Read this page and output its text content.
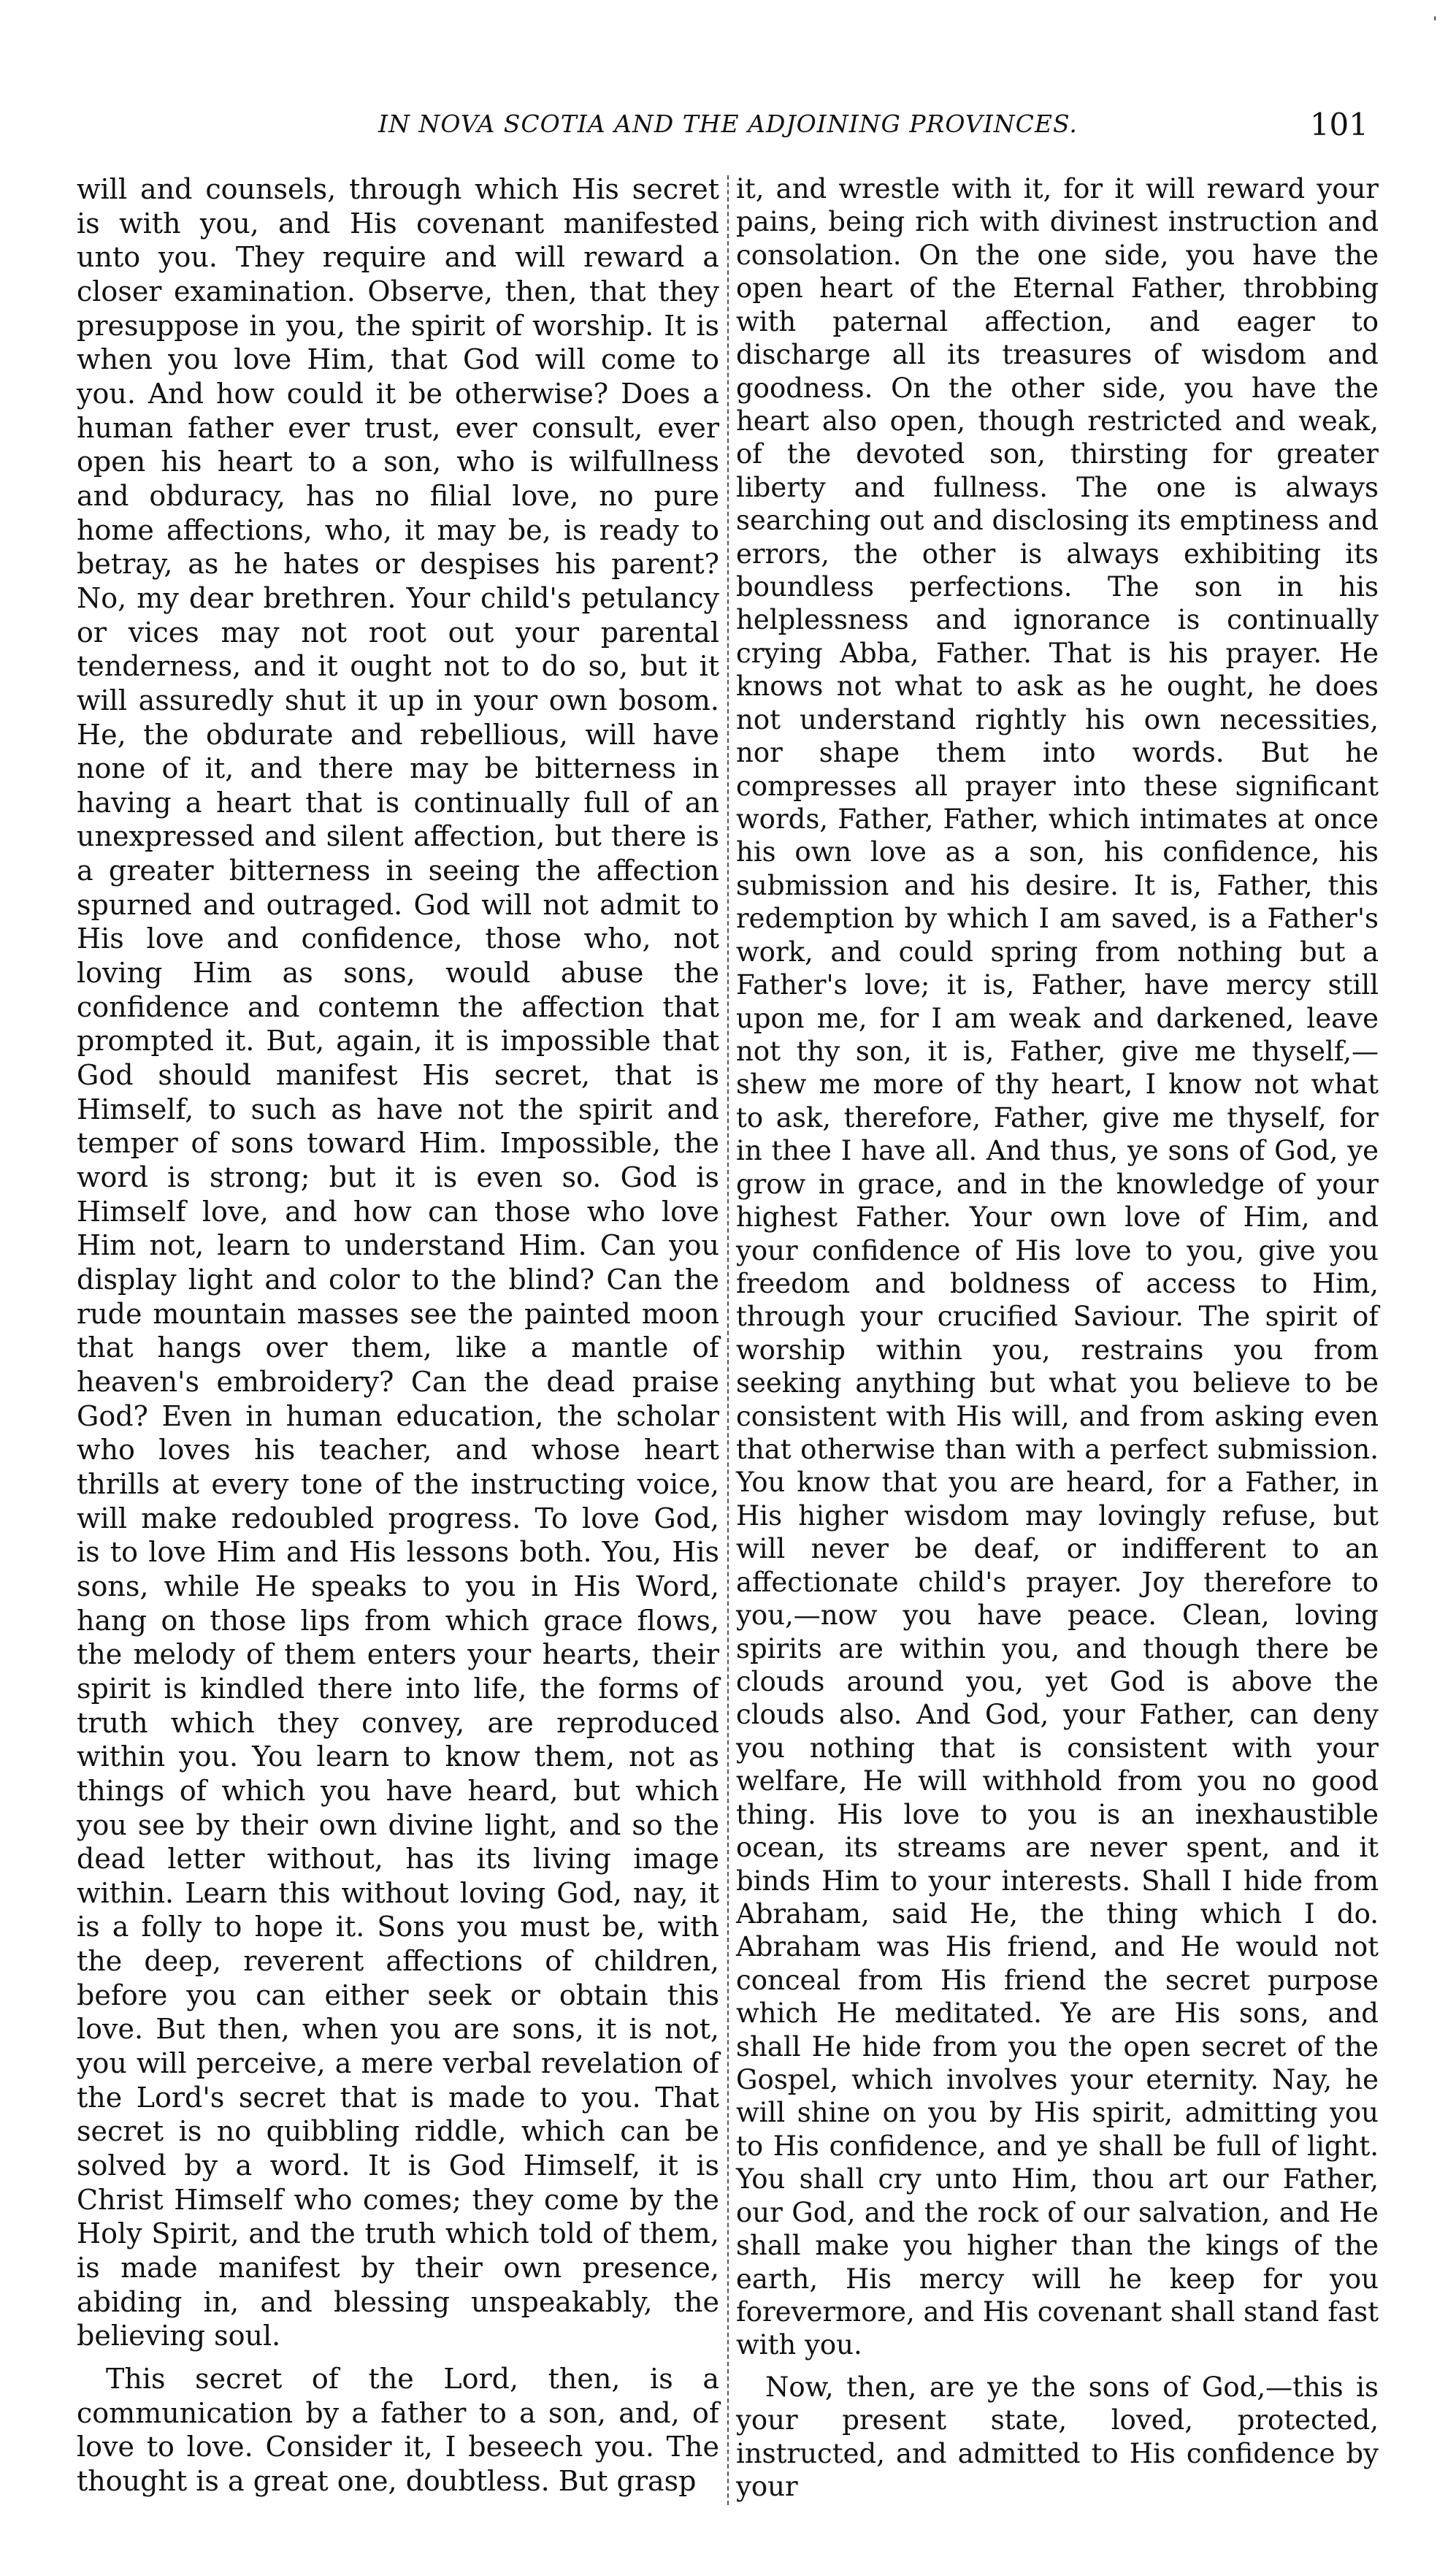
IN NOVA SCOTIA AND THE ADJOINING PROVINCES.	101
'

will and counsels, through which His secret is with you, and His covenant manifested unto you. They require and will reward a closer examination. Observe, then, that they presuppose in you, the spirit of worship. It is when you love Him, that God will come to you. And how could it be otherwise? Does a human father ever trust, ever consult, ever open his heart to a son, who is wilfullness and obduracy, has no filial love, no pure home affections, who, it may be, is ready to betray, as he hates or despises his parent? No, my dear brethren. Your child's petulancy or vices may not root out your parental tenderness, and it ought not to do so, but it will assuredly shut it up in your own bosom. He, the obdurate and rebellious, will have none of it, and there may be bitterness in having a heart that is continually full of an unexpressed and silent affection, but there is a greater bitterness in seeing the affection spurned and outraged. God will not admit to His love and confidence, those who, not loving Him as sons, would abuse the confidence and contemn the affection that prompted it. But, again, it is impossible that God should manifest His secret, that is Himself, to such as have not the spirit and temper of sons toward Him. Impossible, the word is strong; but it is even so. God is Himself love, and how can those who love Him not, learn to understand Him. Can you display light and color to the blind? Can the rude mountain masses see the painted moon that hangs over them, like a mantle of heaven's embroidery? Can the dead praise God? Even in human education, the scholar who loves his teacher, and whose heart thrills at every tone of the instructing voice, will make redoubled progress. To love God, is to love Him and His lessons both. You, His sons, while He speaks to you in His Word, hang on those lips from which grace flows, the melody of them enters your hearts, their spirit is kindled there into life, the forms of truth which they convey, are reproduced within you. You learn to know them, not as things of which you have heard, but which you see by their own divine light, and so the dead letter without, has its living image within. Learn this without loving God, nay, it is a folly to hope it. Sons you must be, with the deep, reverent affections of children, before you can either seek or obtain this love. But then, when you are sons, it is not, you will perceive, a mere verbal revelation of the Lord's secret that is made to you. That secret is no quibbling riddle, which can be solved by a word. It is God Himself, it is Christ Himself who comes; they come by the Holy Spirit, and the truth which told of them, is made manifest by their own presence, abiding in, and blessing unspeakably, the believing soul.

This secret of the Lord, then, is a communication by a father to a son, and, of love to love. Consider it, I beseech you. The thought is a great one, doubtless. But grasp

it, and wrestle with it, for it will reward your pains, being rich with divinest instruction and consolation. On the one side, you have the open heart of the Eternal Father, throbbing with paternal affection, and eager to discharge all its treasures of wisdom and goodness. On the other side, you have the heart also open, though restricted and weak, of the devoted son, thirsting for greater liberty and fullness. The one is always searching out and disclosing its emptiness and errors, the other is always exhibiting its boundless perfections. The son in his helplessness and ignorance is continually crying Abba, Father. That is his prayer. He knows not what to ask as he ought, he does not understand rightly his own necessities, nor shape them into words. But he compresses all prayer into these significant words, Father, Father, which intimates at once his own love as a son, his confidence, his submission and his desire. It is, Father, this redemption by which I am saved, is a Father's work, and could spring from nothing but a Father's love; it is, Father, have mercy still upon me, for I am weak and darkened, leave not thy son, it is, Father, give me thyself,—shew me more of thy heart, I know not what to ask, therefore, Father, give me thyself, for in thee I have all. And thus, ye sons of God, ye grow in grace, and in the knowledge of your highest Father. Your own love of Him, and your confidence of His love to you, give you freedom and boldness of access to Him, through your crucified Saviour. The spirit of worship within you, restrains you from seeking anything but what you believe to be consistent with His will, and from asking even that otherwise than with a perfect submission. You know that you are heard, for a Father, in His higher wisdom may lovingly refuse, but will never be deaf, or indifferent to an affectionate child's prayer. Joy therefore to you,—now you have peace. Clean, loving spirits are within you, and though there be clouds around you, yet God is above the clouds also. And God, your Father, can deny you nothing that is consistent with your welfare, He will withhold from you no good thing. His love to you is an inexhaustible ocean, its streams are never spent, and it binds Him to your interests. Shall I hide from Abraham, said He, the thing which I do. Abraham was His friend, and He would not conceal from His friend the secret purpose which He meditated. Ye are His sons, and shall He hide from you the open secret of the Gospel, which involves your eternity. Nay, he will shine on you by His spirit, admitting you to His confidence, and ye shall be full of light. You shall cry unto Him, thou art our Father, our God, and the rock of our salvation, and He shall make you higher than the kings of the earth, His mercy will he keep for you forevermore, and His covenant shall stand fast with you.

Now, then, are ye the sons of God,—this is your present state, loved, protected, instructed, and admitted to His confidence by your
